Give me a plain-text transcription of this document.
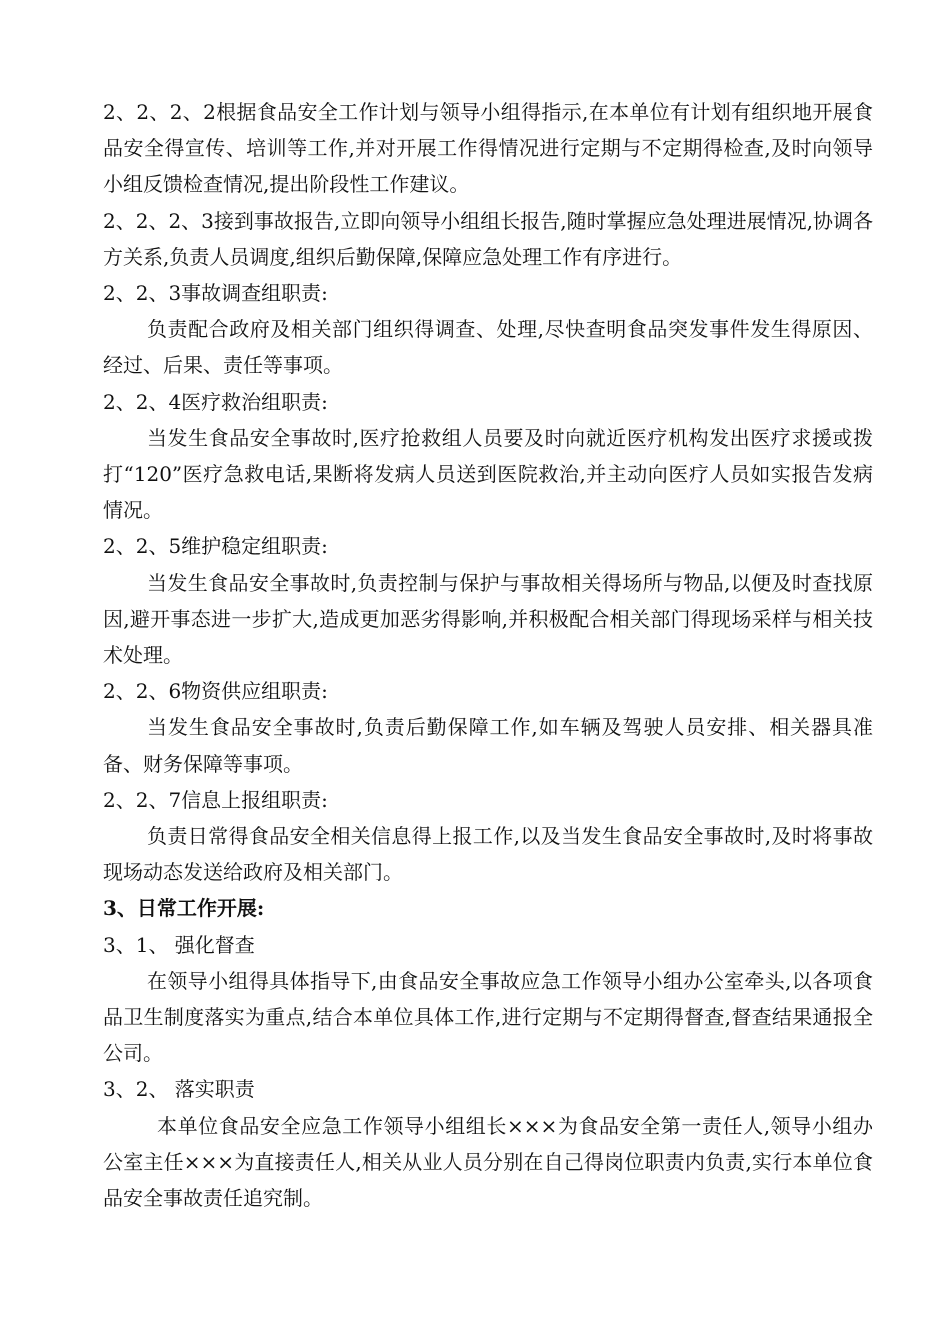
2、2、2、2根据食品安全工作计划与领导小组得指示,在本单位有计划有组织地开展食品安全得宣传、培训等工作,并对开展工作得情况进行定期与不定期得检查,及时向领导小组反馈检查情况,提出阶段性工作建议。

2、2、2、3接到事故报告,立即向领导小组组长报告,随时掌握应急处理进展情况,协调各方关系,负责人员调度,组织后勤保障,保障应急处理工作有序进行。

2、2、3事故调查组职责:

负责配合政府及相关部门组织得调查、处理,尽快查明食品突发事件发生得原因、经过、后果、责任等事项。

2、2、4医疗救治组职责:

当发生食品安全事故时,医疗抢救组人员要及时向就近医疗机构发出医疗求援或拨打“120”医疗急救电话,果断将发病人员送到医院救治,并主动向医疗人员如实报告发病情况。

2、2、5维护稳定组职责:

当发生食品安全事故时,负责控制与保护与事故相关得场所与物品,以便及时查找原因,避开事态进一步扩大,造成更加恶劣得影响,并积极配合相关部门得现场采样与相关技术处理。

2、2、6物资供应组职责:

当发生食品安全事故时,负责后勤保障工作,如车辆及驾驶人员安排、相关器具准备、财务保障等事项。

2、2、7信息上报组职责:

负责日常得食品安全相关信息得上报工作,以及当发生食品安全事故时,及时将事故现场动态发送给政府及相关部门。

3、日常工作开展:

3、1、 强化督查

在领导小组得具体指导下,由食品安全事故应急工作领导小组办公室牵头,以各项食品卫生制度落实为重点,结合本单位具体工作,进行定期与不定期得督查,督查结果通报全公司。

3、2、 落实职责

本单位食品安全应急工作领导小组组长×××为食品安全第一责任人,领导小组办公室主任×××为直接责任人,相关从业人员分别在自己得岗位职责内负责,实行本单位食品安全事故责任追究制。
